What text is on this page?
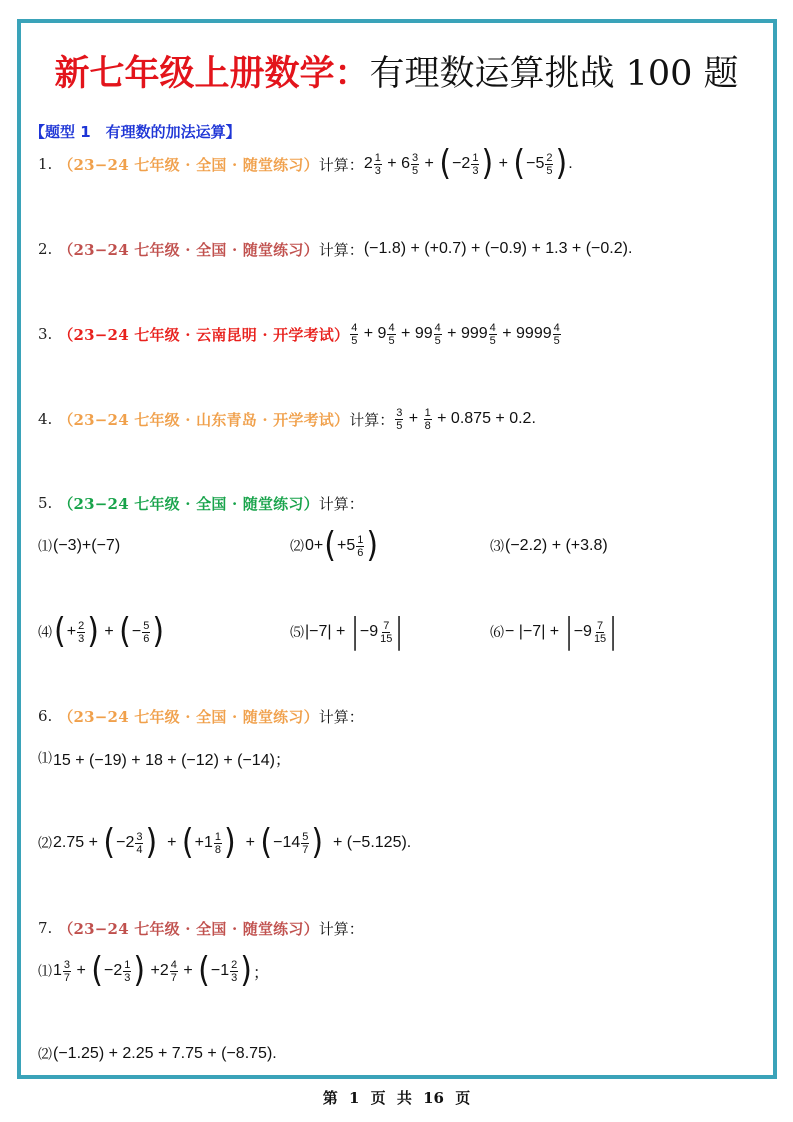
新七年级上册数学：有理数运算挑战 100 题
【题型 1　有理数的加法运算】
1. （23−24 七年级 · 全国 · 随堂练习） 计算： $2 \frac{1}{3} + 6 \frac{3}{5}$ + ( − $2 \frac{1}{3}$ ) + ( − $5 \frac{2}{5}$ ) .
2. （23−24 七年级 · 全国 · 随堂练习） 计算： (−1.8) + (+0.7) + (−0.9) + 1.3 + (−0.2).
3. （23−24 七年级 · 云南昆明 · 开学考试） $\frac{4}{5} + 9 \frac{4}{5} + 99 \frac{4}{5} + 999 \frac{4}{5} + 9999 \frac{4}{5}$
4. （23−24 七年级 · 山东青岛 · 开学考试） 计算： $\frac{3}{5} + \frac{1}{8} + 0.875 + 0.2$.
5. （23−24 七年级 · 全国 · 随堂练习） 计算：
⑴ (−3)+(−7)	⑵ 0+ ( + $5 \frac{1}{6}$ )	⑶ (−2.2) + (+3.8)
⑷ ( + $\frac{2}{3}$ ) + ( − $\frac{5}{6}$ )	⑸ |−7| + | − $9 \frac{7}{15}$ |	⑹ − |−7| + | − $9 \frac{7}{15}$ |
6. （23−24 七年级 · 全国 · 随堂练习） 计算：
⑴ 15 + (−19) + 18 + (−12) + (−14)；
⑵ 2.75 + ( − $2 \frac{3}{4}$ ) + ( + $1 \frac{1}{8}$ ) + ( − $14 \frac{5}{7}$ ) + (−5.125).
7. （23−24 七年级 · 全国 · 随堂练习） 计算：
⑴ $1 \frac{3}{7}$ + ( − $2 \frac{1}{3}$ ) + $2 \frac{4}{7}$ + ( − $1 \frac{2}{3}$ ) ；
⑵ (−1.25) + 2.25 + 7.75 + (−8.75).
第 1 页 共 16 页
